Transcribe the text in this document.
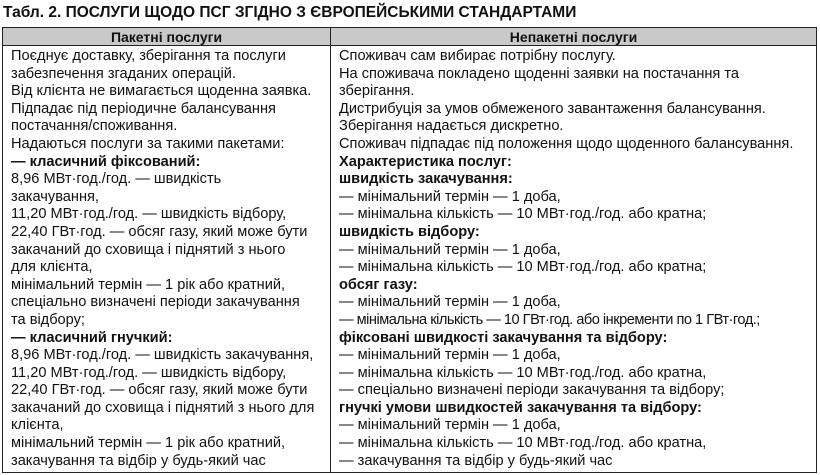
Табл. 2. ПОСЛУГИ ЩОДО ПСГ ЗГІДНО З ЄВРОПЕЙСЬКИМИ СТАНДАРТАМИ
Пакетні послуги	Непакетні послуги
Поєднує доставку, зберігання та послуги
забезпечення згаданих операцій.
Від клієнта не вимагається щоденна заявка.
Підпадає під періодичне балансування
постачання/споживання.
Надаються послуги за такими пакетами:
— класичний фіксований:
8,96 МВт·год./год. — швидкість
закачування,
11,20 МВт·год./год. — швидкість відбору,
22,40 ГВт·год. — обсяг газу, який може бути
закачаний до сховища і піднятий з нього
для клієнта,
мінімальний термін — 1 рік або кратний,
спеціально визначені періоди закачування
та відбору;
— класичний гнучкий:
8,96 МВт·год./год. — швидкість закачування,
11,20 МВт·год./год. — швидкість відбору,
22,40 ГВт·год. — обсяг газу, який може бути
закачаний до сховища і піднятий з нього для
клієнта,
мінімальний термін — 1 рік або кратний,
закачування та відбір у будь-який час
Споживач сам вибирає потрібну послугу.
На споживача покладено щоденні заявки на постачання та
зберігання.
Дистрибуція за умов обмеженого завантаження балансування.
Зберігання надається дискретно.
Споживач підпадає під положення щодо щоденного балансування.
Характеристика послуг:
швидкість закачування:
— мінімальний термін — 1 доба,
— мінімальна кількість — 10 МВт·год./год. або кратна;
швидкість відбору:
— мінімальний термін — 1 доба,
— мінімальна кількість — 10 МВт·год./год. або кратна;
обсяг газу:
— мінімальний термін — 1 доба,
— мінімальна кількість — 10 ГВт·год. або інкременти по 1 ГВт·год.;
фіксовані швидкості закачування та відбору:
— мінімальний термін — 1 доба,
— мінімальна кількість — 10 МВт·год./год. або кратна,
— спеціально визначені періоди закачування та відбору;
гнучкі умови швидкостей закачування та відбору:
— мінімальний термін — 1 доба,
— мінімальна кількість — 10 МВт·год./год. або кратна,
— закачування та відбір у будь-який час
